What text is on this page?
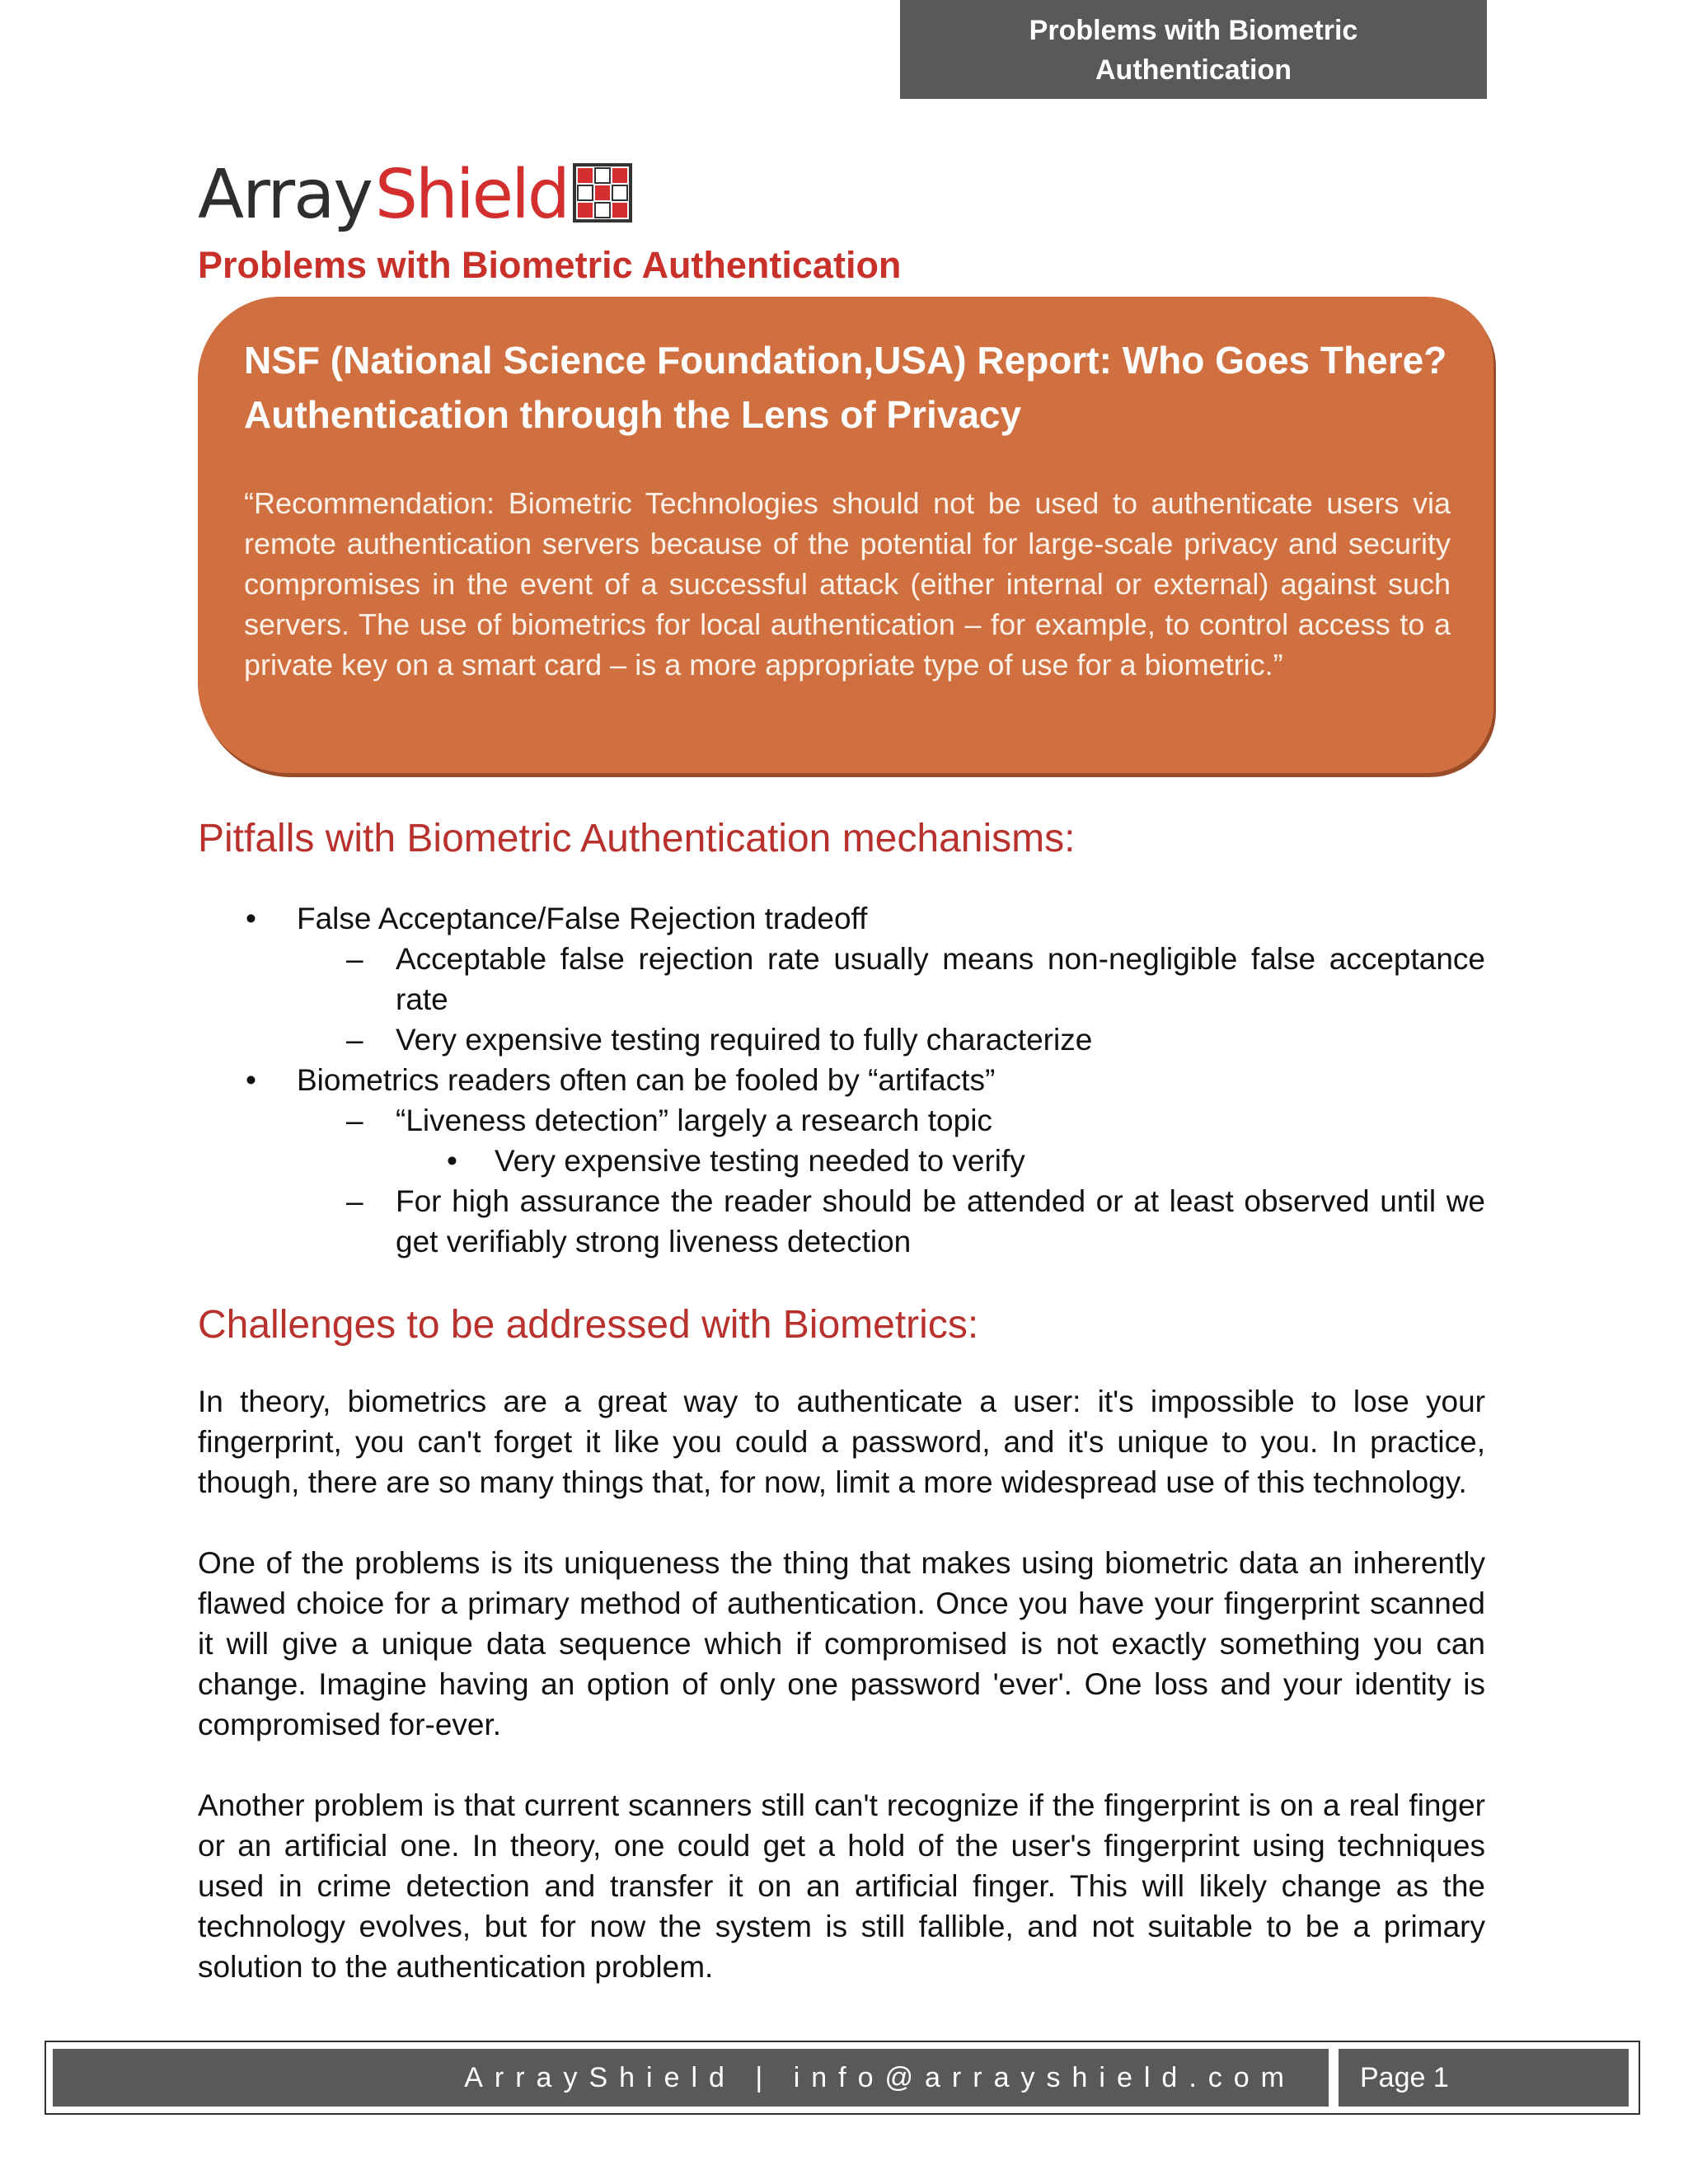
Problems with Biometric
Authentication
Array Shield
Problems with Biometric Authentication
NSF (National Science Foundation,USA) Report: Who Goes There?
Authentication through the Lens of Privacy
“Recommendation: Biometric Technologies should not be used to authenticate users via remote authentication servers because of the potential for large-scale privacy and security compromises in the event of a successful attack (either internal or external) against such servers. The use of biometrics for local authentication – for example, to control access to a private key on a smart card – is a more appropriate type of use for a biometric.”
Pitfalls with Biometric Authentication mechanisms:
• False Acceptance/False Rejection tradeoff
– Acceptable false rejection rate usually means non-negligible false acceptance rate
– Very expensive testing required to fully characterize
• Biometrics readers often can be fooled by “artifacts”
– “Liveness detection” largely a research topic
• Very expensive testing needed to verify
– For high assurance the reader should be attended or at least observed until we get verifiably strong liveness detection
Challenges to be addressed with Biometrics:

In theory, biometrics are a great way to authenticate a user: it's impossible to lose your fingerprint, you can't forget it like you could a password, and it's unique to you. In practice, though, there are so many things that, for now, limit a more widespread use of this technology.

One of the problems is its uniqueness the thing that makes using biometric data an inherently flawed choice for a primary method of authentication. Once you have your fingerprint scanned it will give a unique data sequence which if compromised is not exactly something you can change. Imagine having an option of only one password 'ever'. One loss and your identity is compromised for-ever.

Another problem is that current scanners still can't recognize if the fingerprint is on a real finger or an artificial one. In theory, one could get a hold of the user's fingerprint using techniques used in crime detection and transfer it on an artificial finger. This will likely change as the technology evolves, but for now the system is still fallible, and not suitable to be a primary solution to the authentication problem.

ArrayShield | info@arrayshield.com	Page 1
